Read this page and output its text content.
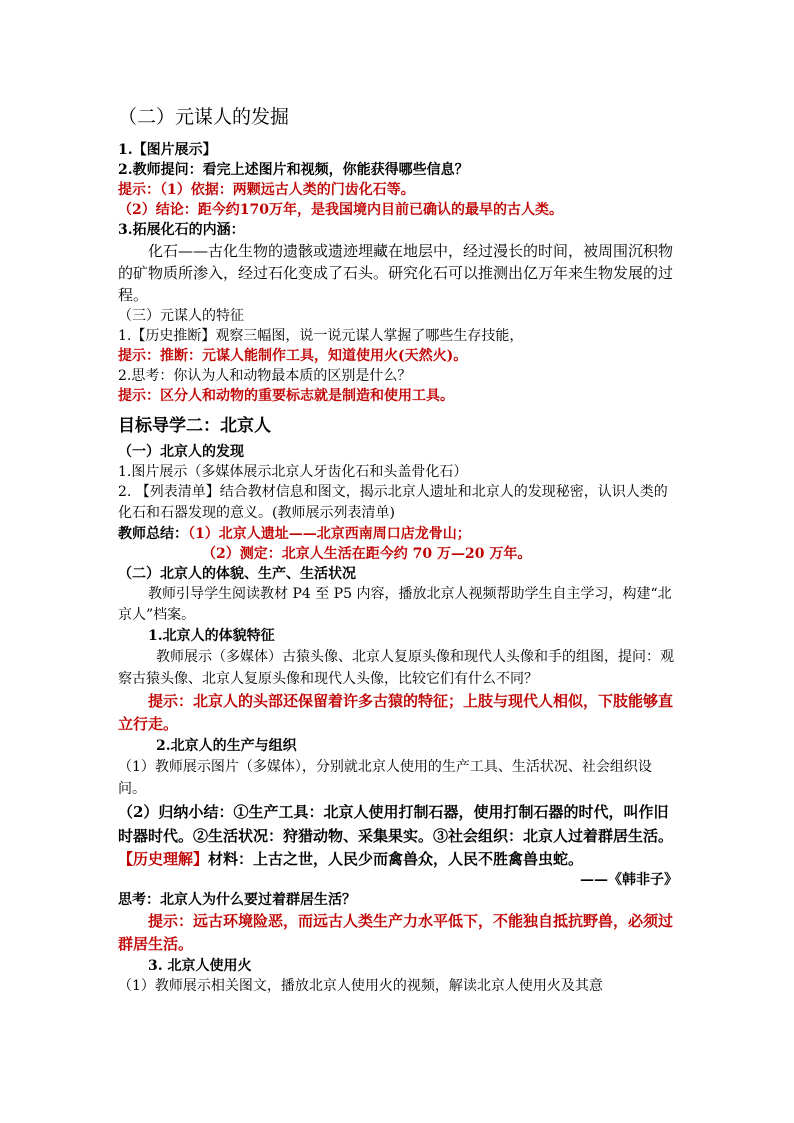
（二）元谋人的发掘
1.【图片展示】
2.教师提问：看完上述图片和视频，你能获得哪些信息？
提示：（1）依据：两颗远古人类的门齿化石等。
（2）结论：距今约170万年，是我国境内目前已确认的最早的古人类。
3.拓展化石的内涵：
化石——古化生物的遗骸或遗迹埋藏在地层中，经过漫长的时间，被周围沉积物的矿物质所渗入，经过石化变成了石头。研究化石可以推测出亿万年来生物发展的过程。
（三）元谋人的特征
1.【历史推断】观察三幅图，说一说元谋人掌握了哪些生存技能，
提示：推断：元谋人能制作工具，知道使用火(天然火)。
2.思考：你认为人和动物最本质的区别是什么？
提示：区分人和动物的重要标志就是制造和使用工具。
目标导学二：北京人
（一）北京人的发现
1.图片展示（多媒体展示北京人牙齿化石和头盖骨化石）
2. 【列表清单】结合教材信息和图文，揭示北京人遗址和北京人的发现秘密，认识人类的化石和石器发现的意义。(教师展示列表清单)
教师总结：（1）北京人遗址——北京西南周口店龙骨山；
（2）测定：北京人生活在距今约 70 万—20 万年。
（二）北京人的体貌、生产、生活状况
教师引导学生阅读教材 P4 至 P5 内容，播放北京人视频帮助学生自主学习，构建“北京人”档案。
1.北京人的体貌特征
教师展示（多媒体）古猿头像、北京人复原头像和现代人头像和手的组图，提问：观察古猿头像、北京人复原头像和现代人头像，比较它们有什么不同？
提示：北京人的头部还保留着许多古猿的特征；上肢与现代人相似，下肢能够直立行走。
2.北京人的生产与组织
（1）教师展示图片（多媒体），分别就北京人使用的生产工具、生活状况、社会组织设问。
（2）归纳小结：①生产工具：北京人使用打制石器，使用打制石器的时代，叫作旧时器时代。②生活状况：狩猎动物、采集果实。③社会组织：北京人过着群居生活。
【历史理解】材料：上古之世，人民少而禽兽众，人民不胜禽兽虫蛇。
——《韩非子》
思考：北京人为什么要过着群居生活？
提示：远古环境险恶，而远古人类生产力水平低下，不能独自抵抗野兽，必须过群居生活。
3. 北京人使用火
（1）教师展示相关图文，播放北京人使用火的视频，解读北京人使用火及其意
